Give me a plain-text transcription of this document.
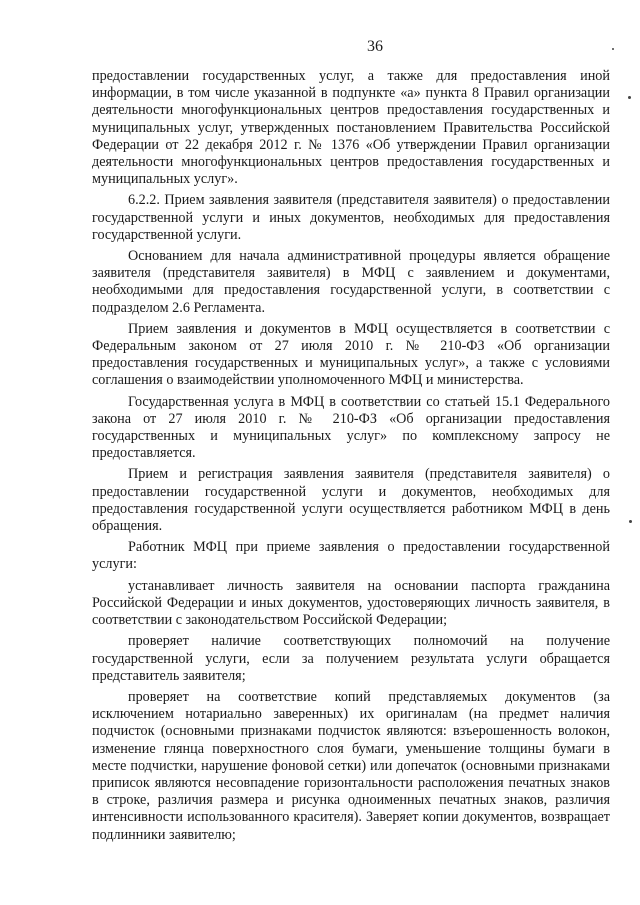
36

предоставлении государственных услуг, а также для предоставления иной информации, в том числе указанной в подпункте «а» пункта 8 Правил организации деятельности многофункциональных центров предоставления государственных и муниципальных услуг, утвержденных постановлением Правительства Российской Федерации от 22 декабря 2012 г. № 1376 «Об утверждении Правил организации деятельности многофункциональных центров предоставления государственных и муниципальных услуг».

6.2.2. Прием заявления заявителя (представителя заявителя) о предоставлении государственной услуги и иных документов, необходимых для предоставления государственной услуги.

Основанием для начала административной процедуры является обращение заявителя (представителя заявителя) в МФЦ с заявлением и документами, необходимыми для предоставления государственной услуги, в соответствии с подразделом 2.6 Регламента.

Прием заявления и документов в МФЦ осуществляется в соответствии с Федеральным законом от 27 июля 2010 г. № 210-ФЗ «Об организации предоставления государственных и муниципальных услуг», а также с условиями соглашения о взаимодействии уполномоченного МФЦ и министерства.

Государственная услуга в МФЦ в соответствии со статьей 15.1 Федерального закона от 27 июля 2010 г. № 210-ФЗ «Об организации предоставления государственных и муниципальных услуг» по комплексному запросу не предоставляется.

Прием и регистрация заявления заявителя (представителя заявителя) о предоставлении государственной услуги и документов, необходимых для предоставления государственной услуги осуществляется работником МФЦ в день обращения.

Работник МФЦ при приеме заявления о предоставлении государственной услуги:

устанавливает личность заявителя на основании паспорта гражданина Российской Федерации и иных документов, удостоверяющих личность заявителя, в соответствии с законодательством Российской Федерации;

проверяет наличие соответствующих полномочий на получение государственной услуги, если за получением результата услуги обращается представитель заявителя;

проверяет на соответствие копий представляемых документов (за исключением нотариально заверенных) их оригиналам (на предмет наличия подчисток (основными признаками подчисток являются: взъерошенность волокон, изменение глянца поверхностного слоя бумаги, уменьшение толщины бумаги в месте подчистки, нарушение фоновой сетки) или допечаток (основными признаками приписок являются несовпадение горизонтальности расположения печатных знаков в строке, различия размера и рисунка одноименных печатных знаков, различия интенсивности использованного красителя). Заверяет копии документов, возвращает подлинники заявителю;
